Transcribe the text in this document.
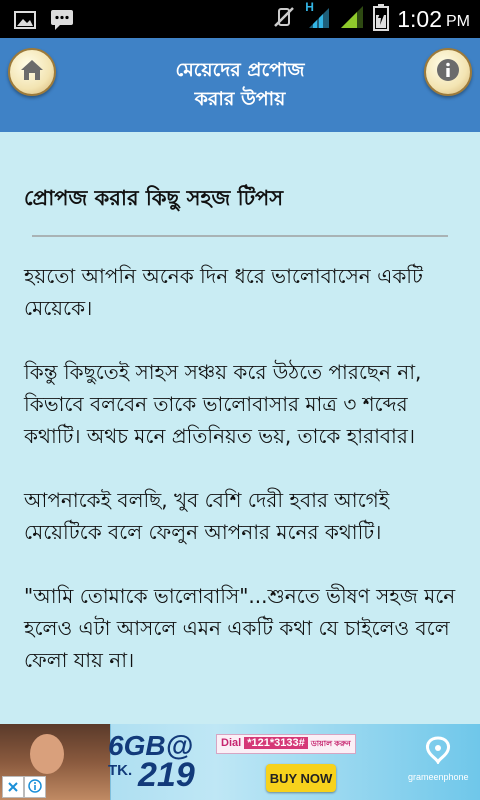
H	1:02 PM
মেয়েদের প্রপোজ
করার উপায়
প্রোপজ করার কিছু সহজ টিপস

হয়তো আপনি অনেক দিন ধরে ভালোবাসেন একটি মেয়েকে।

কিন্তু কিছুতেই সাহস সঞ্চয় করে উঠতে পারছেন না, কিভাবে বলবেন তাকে ভালোবাসার মাত্র ৩ শব্দের কথাটি। অথচ মনে প্রতিনিয়ত ভয়, তাকে হারাবার।

আপনাকেই বলছি, খুব বেশি দেরী হবার আগেই মেয়েটিকে বলে ফেলুন আপনার মনের কথাটি।

"আমি তোমাকে ভালোবাসি"...শুনতে ভীষণ সহজ মনে হলেও এটা আসলে এমন একটি কথা যে চাইলেও বলে ফেলা যায় না।

6GB@
TK. 219
Dial *121*3133# ডায়াল করুন
BUY NOW	grameenphone
